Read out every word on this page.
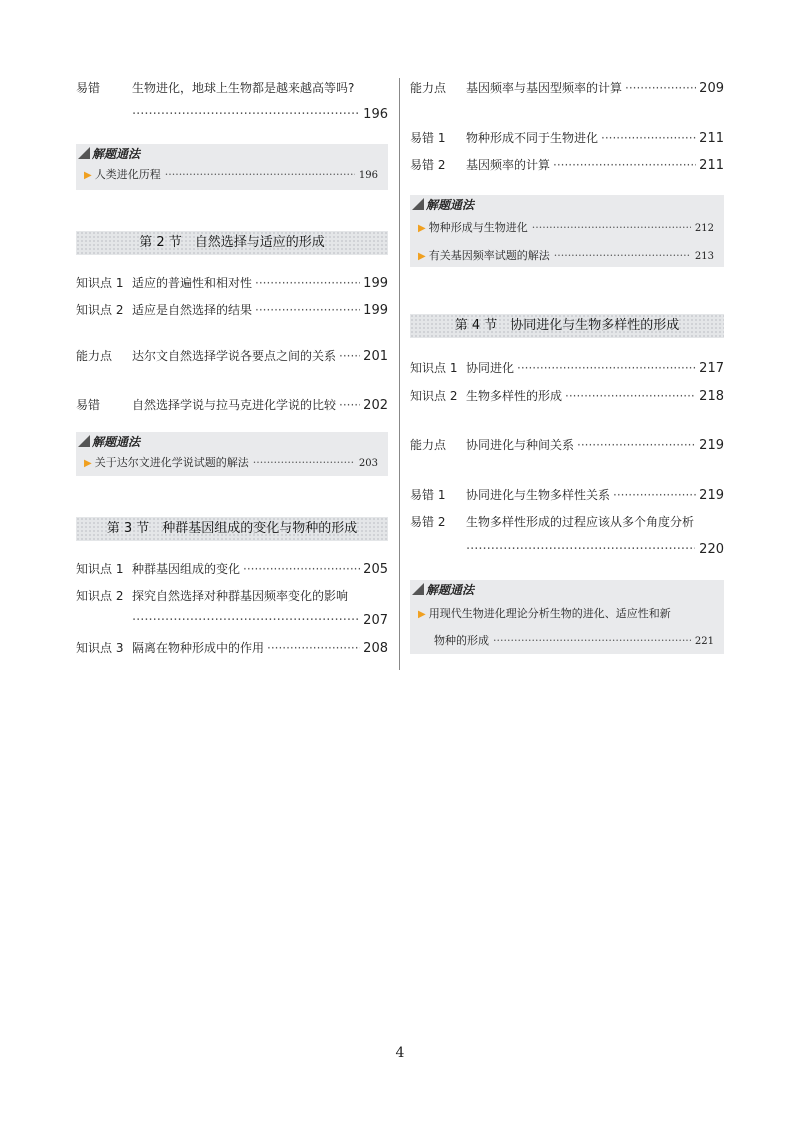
易错	生物进化，地球上生物都是越来越高等吗?
·····
196
解题通法
▶ 人类进化历程 ·····	196
第 2 节　自然选择与适应的形成
知识点 1 适应的普遍性和相对性 ·····	199
知识点 2 适应是自然选择的结果 ·····	199
能力点	达尔文自然选择学说各要点之间的关系 ····· 201
易错	自然选择学说与拉马克进化学说的比较 ····· 202
解题通法
▶ 关于达尔文进化学说试题的解法 ·····	203
第 3 节　种群基因组成的变化与物种的形成
知识点 1 种群基因组成的变化 ·····	205
知识点 2 探究自然选择对种群基因频率变化的影响
·····
207
知识点 3 隔离在物种形成中的作用 ·····	208
能力点	基因频率与基因型频率的计算 ·····	209
易错 1	物种形成不同于生物进化 ·····	211
易错 2	基因频率的计算 ·····	211
解题通法
▶ 物种形成与生物进化 ·····	212
▶ 有关基因频率试题的解法 ·····	213
第 4 节　协同进化与生物多样性的形成
知识点 1 协同进化 ·····	217
知识点 2 生物多样性的形成 ·····	218
能力点	协同进化与种间关系 ·····	219
易错 1	协同进化与生物多样性关系 ·····	219
易错 2	生物多样性形成的过程应该从多个角度分析
·····
220
解题通法
▶ 用现代生物进化理论分析生物的进化、适应性和新
物种的形成 ·····	221
4
